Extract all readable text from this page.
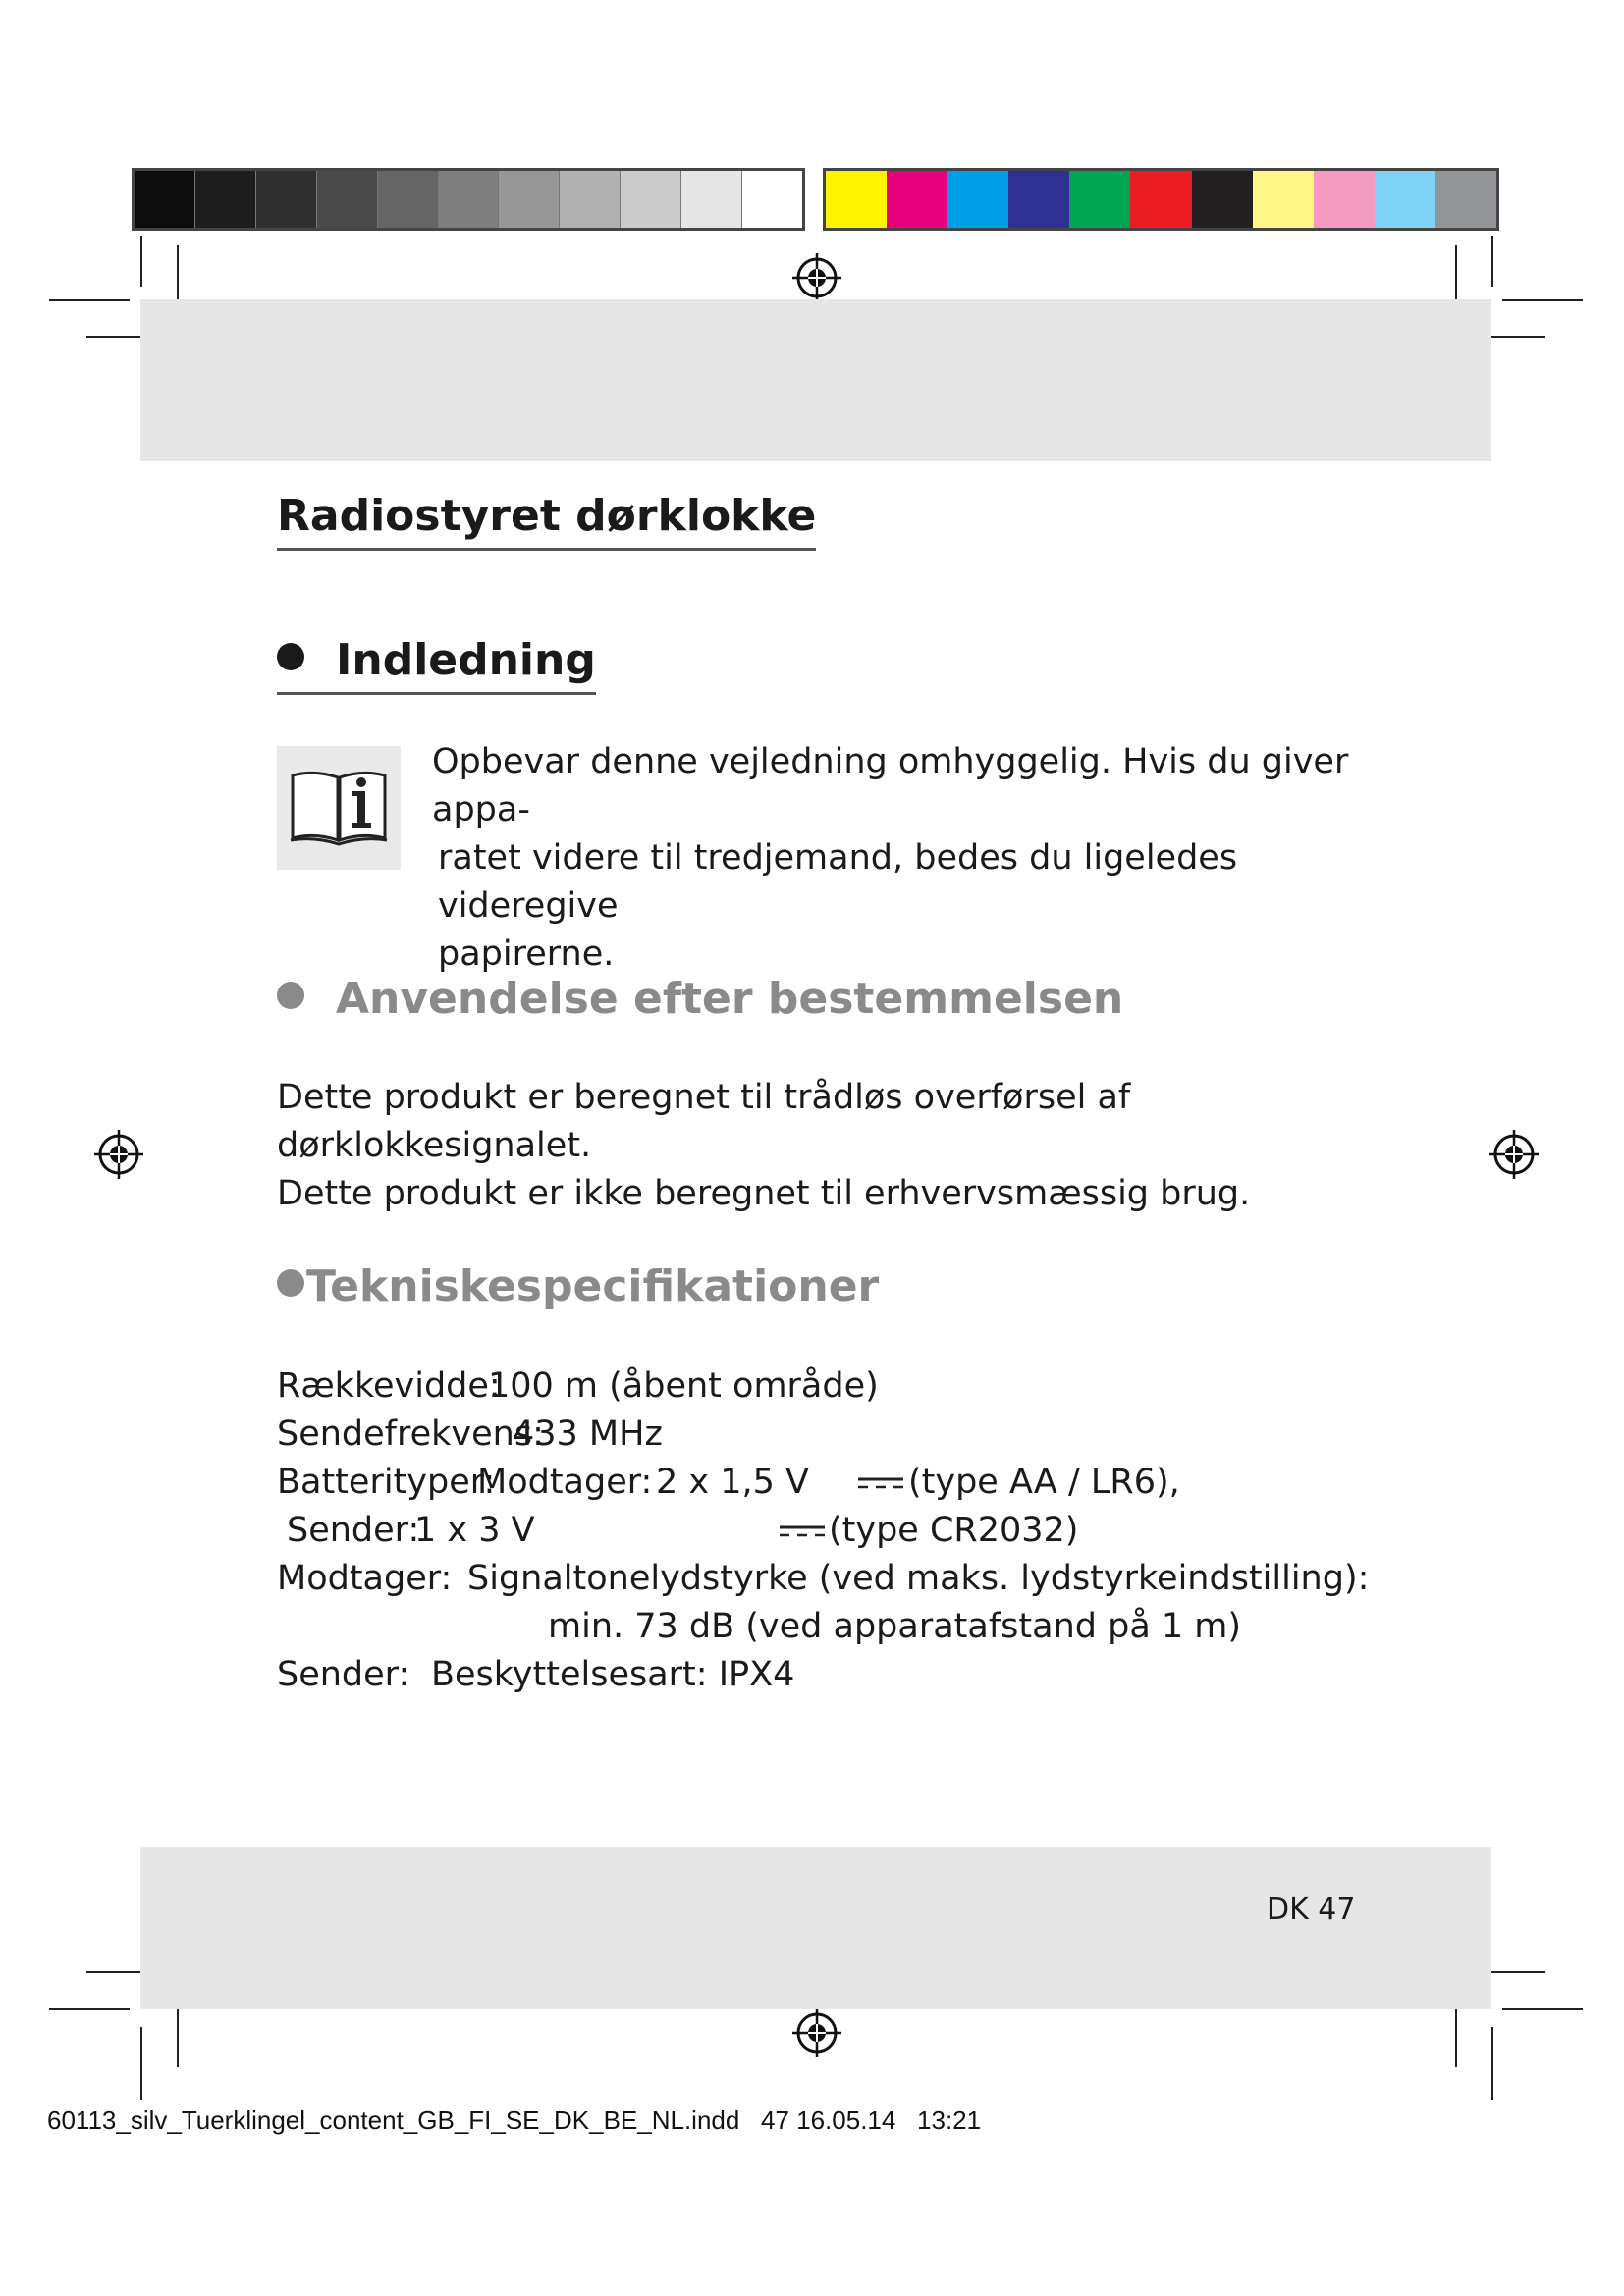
Radiostyret dørklokke
Indledning
Opbevar denne vejledning omhyggelig. Hvis du giver appa-
ratet videre til tredjemand, bedes du ligeledes videregive
papirerne.
Anvendelse efter bestemmelsen
Dette produkt er beregnet til trådløs overførsel af dørklokkesignalet.
Dette produkt er ikke beregnet til erhvervsmæssig brug.
Tekniskespecifikationer
Rækkevidde:
100 m (åbent område)
Sendefrekvens:
433 MHz
Batterityper:
Modtager: 2 x 1,5 V	(type AA / LR6),
Sender:
1 x 3 V	(type CR2032)
Modtager: Signaltonelydstyrke (ved maks. lydstyrkeindstilling):
min. 73 dB (ved apparatafstand på 1 m)
Sender: Beskyttelsesart: IPX4
DK 47
60113_silv_Tuerklingel_content_GB_FI_SE_DK_BE_NL.indd   47 16.05.14   13:21
